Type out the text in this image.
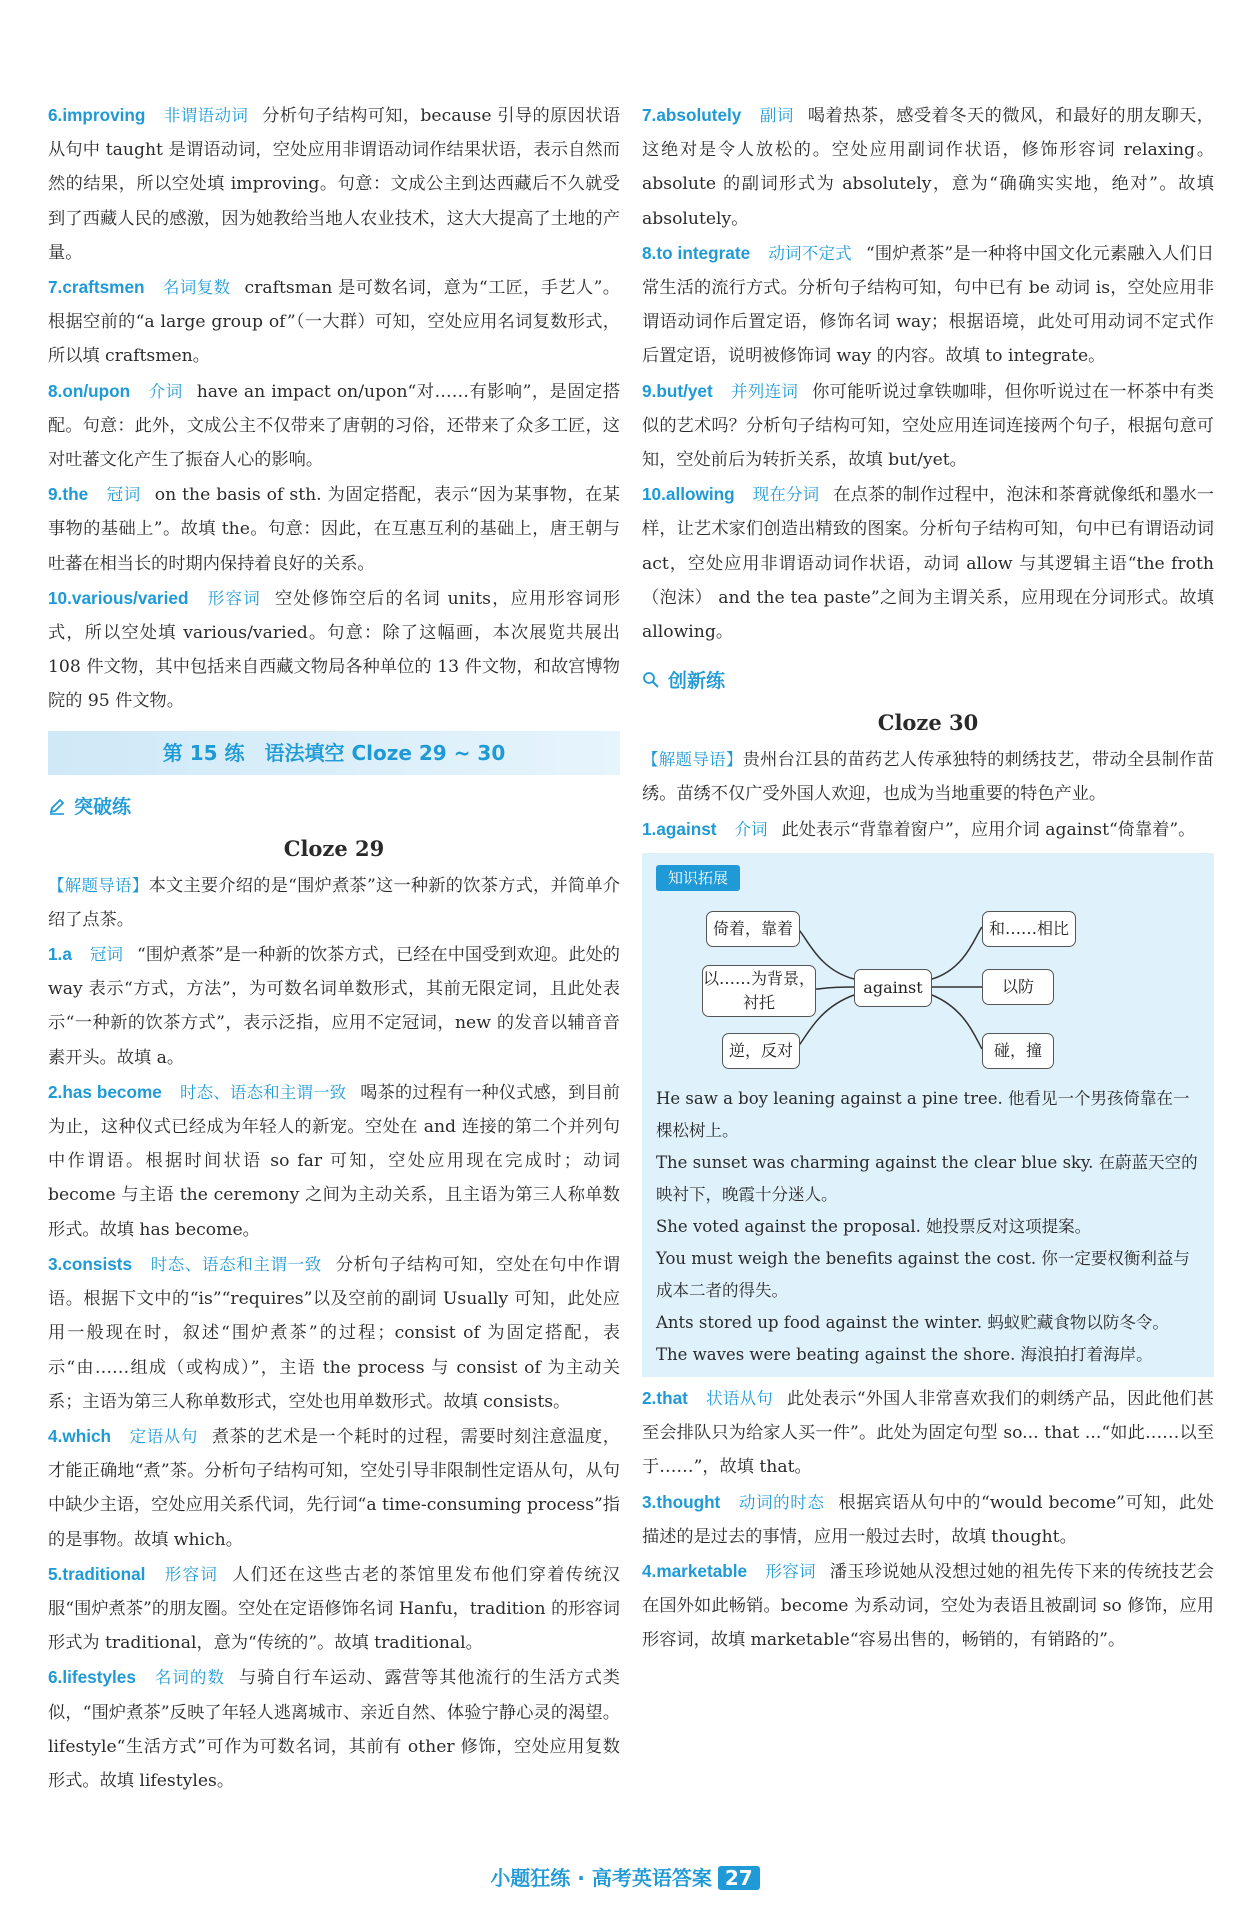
6.improving 非谓语动词 分析句子结构可知，because 引导的原因状语从句中 taught 是谓语动词，空处应用非谓语动词作结果状语，表示自然而然的结果，所以空处填 improving。句意：文成公主到达西藏后不久就受到了西藏人民的感激，因为她教给当地人农业技术，这大大提高了土地的产量。

7.craftsmen 名词复数 craftsman 是可数名词，意为“工匠，手艺人”。根据空前的“a large group of”（一大群）可知，空处应用名词复数形式，所以填 craftsmen。

8.on/upon 介词 have an impact on/upon“对……有影响”，是固定搭配。句意：此外，文成公主不仅带来了唐朝的习俗，还带来了众多工匠，这对吐蕃文化产生了振奋人心的影响。

9.the 冠词 on the basis of sth. 为固定搭配，表示“因为某事物，在某事物的基础上”。故填 the。句意：因此，在互惠互利的基础上，唐王朝与吐蕃在相当长的时期内保持着良好的关系。

10.various/varied 形容词 空处修饰空后的名词 units，应用形容词形式，所以空处填 various/varied。句意：除了这幅画，本次展览共展出 108 件文物，其中包括来自西藏文物局各种单位的 13 件文物，和故宫博物院的 95 件文物。

第 15 练　语法填空 Cloze 29 ~ 30
突破练
Cloze 29

【解题导语】本文主要介绍的是“围炉煮茶”这一种新的饮茶方式，并简单介绍了点茶。

1.a 冠词 “围炉煮茶”是一种新的饮茶方式，已经在中国受到欢迎。此处的 way 表示“方式，方法”，为可数名词单数形式，其前无限定词，且此处表示“一种新的饮茶方式”，表示泛指，应用不定冠词，new 的发音以辅音音素开头。故填 a。

2.has become 时态、语态和主谓一致 喝茶的过程有一种仪式感，到目前为止，这种仪式已经成为年轻人的新宠。空处在 and 连接的第二个并列句中作谓语。根据时间状语 so far 可知，空处应用现在完成时；动词 become 与主语 the ceremony 之间为主动关系，且主语为第三人称单数形式。故填 has become。

3.consists 时态、语态和主谓一致 分析句子结构可知，空处在句中作谓语。根据下文中的“is”“requires”以及空前的副词 Usually 可知，此处应用一般现在时，叙述“围炉煮茶”的过程；consist of 为固定搭配，表示“由……组成（或构成）”，主语 the process 与 consist of 为主动关系；主语为第三人称单数形式，空处也用单数形式。故填 consists。

4.which 定语从句 煮茶的艺术是一个耗时的过程，需要时刻注意温度，才能正确地“煮”茶。分析句子结构可知，空处引导非限制性定语从句，从句中缺少主语，空处应用关系代词，先行词“a time-consuming process”指的是事物。故填 which。

5.traditional 形容词 人们还在这些古老的茶馆里发布他们穿着传统汉服“围炉煮茶”的朋友圈。空处在定语修饰名词 Hanfu，tradition 的形容词形式为 traditional，意为“传统的”。故填 traditional。

6.lifestyles 名词的数 与骑自行车运动、露营等其他流行的生活方式类似，“围炉煮茶”反映了年轻人逃离城市、亲近自然、体验宁静心灵的渴望。lifestyle“生活方式”可作为可数名词，其前有 other 修饰，空处应用复数形式。故填 lifestyles。

7.absolutely 副词 喝着热茶，感受着冬天的微风，和最好的朋友聊天，这绝对是令人放松的。空处应用副词作状语，修饰形容词 relaxing。absolute 的副词形式为 absolutely，意为“确确实实地，绝对”。故填 absolutely。

8.to integrate 动词不定式 “围炉煮茶”是一种将中国文化元素融入人们日常生活的流行方式。分析句子结构可知，句中已有 be 动词 is，空处应用非谓语动词作后置定语，修饰名词 way；根据语境，此处可用动词不定式作后置定语，说明被修饰词 way 的内容。故填 to integrate。

9.but/yet 并列连词 你可能听说过拿铁咖啡，但你听说过在一杯茶中有类似的艺术吗？分析句子结构可知，空处应用连词连接两个句子，根据句意可知，空处前后为转折关系，故填 but/yet。

10.allowing 现在分词 在点茶的制作过程中，泡沫和茶膏就像纸和墨水一样，让艺术家们创造出精致的图案。分析句子结构可知，句中已有谓语动词 act，空处应用非谓语动词作状语，动词 allow 与其逻辑主语“the froth（泡沫） and the tea paste”之间为主谓关系，应用现在分词形式。故填 allowing。

创新练
Cloze 30

【解题导语】贵州台江县的苗药艺人传承独特的刺绣技艺，带动全县制作苗绣。苗绣不仅广受外国人欢迎，也成为当地重要的特色产业。

1.against 介词 此处表示“背靠着窗户”，应用介词 against“倚靠着”。

知识拓展
against
倚着，靠着
以……为背景，衬托
逆，反对
和……相比
以防
碰，撞

He saw a boy leaning against a pine tree. 他看见一个男孩倚靠在一棵松树上。

The sunset was charming against the clear blue sky. 在蔚蓝天空的映衬下，晚霞十分迷人。

She voted against the proposal. 她投票反对这项提案。

You must weigh the benefits against the cost. 你一定要权衡利益与成本二者的得失。

Ants stored up food against the winter. 蚂蚁贮藏食物以防冬令。

The waves were beating against the shore. 海浪拍打着海岸。

2.that 状语从句 此处表示“外国人非常喜欢我们的刺绣产品，因此他们甚至会排队只为给家人买一件”。此处为固定句型 so... that ...“如此……以至于……”，故填 that。

3.thought 动词的时态 根据宾语从句中的“would become”可知，此处描述的是过去的事情，应用一般过去时，故填 thought。

4.marketable 形容词 潘玉珍说她从没想过她的祖先传下来的传统技艺会在国外如此畅销。become 为系动词，空处为表语且被副词 so 修饰，应用形容词，故填 marketable“容易出售的，畅销的，有销路的”。

小题狂练 · 高考英语答案 27
